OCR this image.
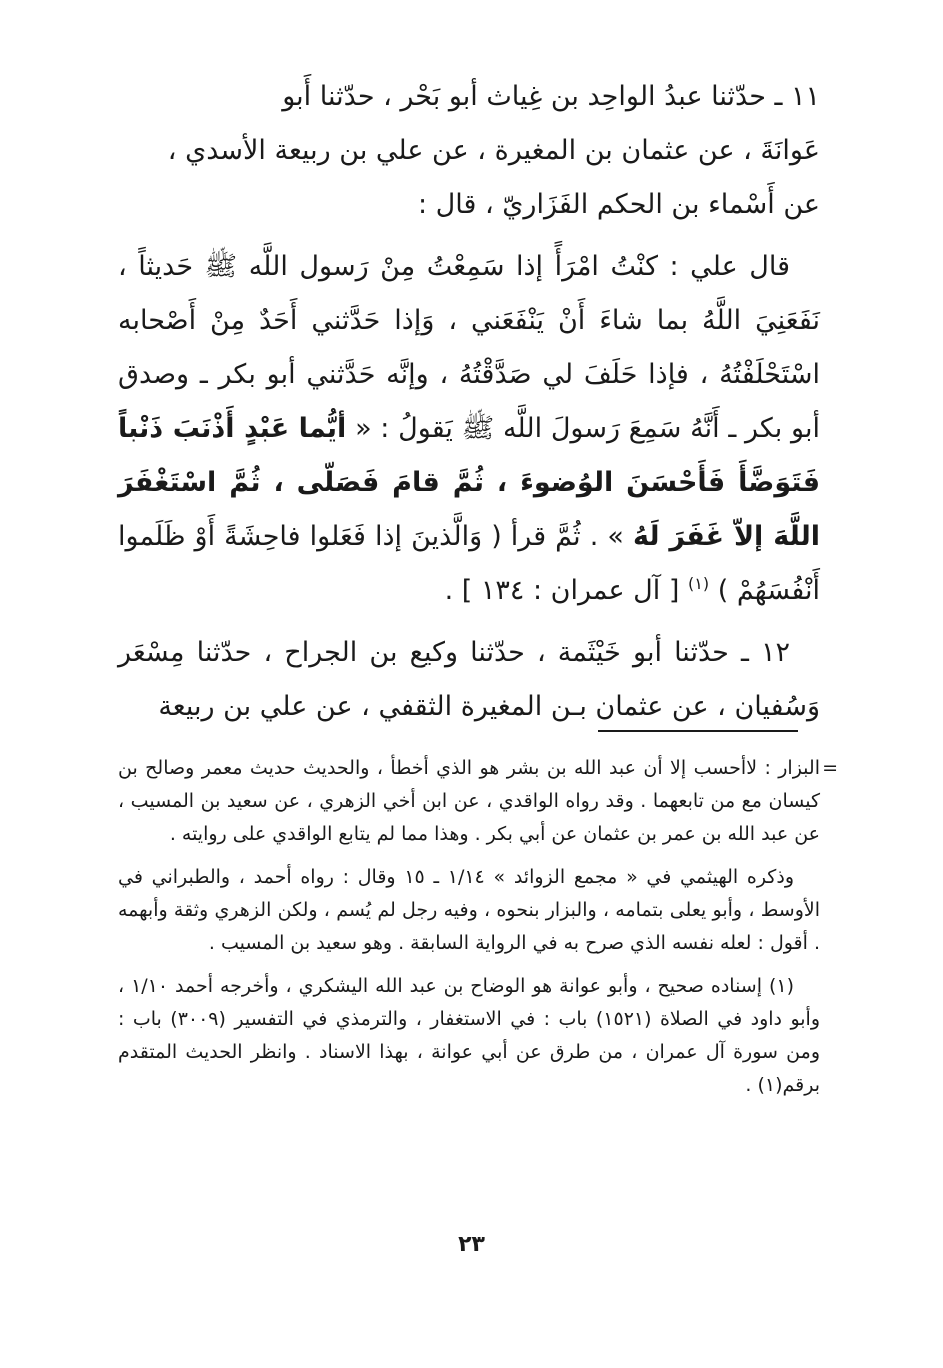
١١ ـ حدّثنا عبدُ الواحِد بن غِياث أبو بَحْر ، حدّثنا أَبو

عَوانَةَ ، عن عثمان بن المغيرة ، عن علي بن ربيعة الأسدي ،

عن أَسْماء بن الحكم الفَزَاريّ ، قال :

قال علي : كنْتُ امْرَأً إذا سَمِعْتُ مِنْ رَسول اللَّه ﷺ حَديثاً ، نَفَعَنِيَ اللَّهُ بما شاءَ أَنْ يَنْفَعَني ، وَإذا حَدَّثني أَحَدٌ مِنْ أَصْحابه اسْتَحْلَفْتُهُ ، فإذا حَلَفَ لي صَدَّقْتُهُ ، وإنَّه حَدَّثني أبو بكر ـ وصدق أبو بكر ـ أَنَّهُ سَمِعَ رَسولَ اللَّه ﷺ يَقولُ : « أيُّما عَبْدٍ أَذْنَبَ ذَنْباً فَتَوَضَّأَ فَأَحْسَنَ الوُضوءَ ، ثُمَّ قامَ فَصَلّى ، ثُمَّ اسْتَغْفَرَ اللَّهَ إلاّ غَفَرَ لَهُ » . ثُمَّ قرأ ( وَالَّذينَ إذا فَعَلوا فاحِشَةً أَوْ ظَلَموا أَنْفُسَهُمْ ) $^{(١)}$ [ آل عمران : ١٣٤ ] .

١٢ ـ حدّثنا أبو خَيْثَمة ، حدّثنا وكيع بن الجراح ، حدّثنا مِسْعَر وَسُفيان ، عن عثمان بـن المغيرة الثقفي ، عن علي بن ربيعة

=

البزار : لاأحسب إلا أن عبد الله بن بشر هو الذي أخطأ ، والحديث حديث معمر وصالح بن كيسان مع من تابعهما . وقد رواه الواقدي ، عن ابن أخي الزهري ، عن سعيد بن المسيب ، عن عبد الله بن عمر بن عثمان عن أبي بكر . وهذا مما لم يتابع الواقدي على روايته .

وذكره الهيثمي في « مجمع الزوائد » ١/١٤ ـ ١٥ وقال : رواه أحمد ، والطبراني في الأوسط ، وأبو يعلى بتمامه ، والبزار بنحوه ، وفيه رجل لم يُسم ، ولكن الزهري وثقة وأبهمه . أقول : لعله نفسه الذي صرح به في الرواية السابقة . وهو سعيد بن المسيب .

(١) إسناده صحيح ، وأبو عوانة هو الوضاح بن عبد الله اليشكري ، وأخرجه أحمد ١/١٠ ، وأبو داود في الصلاة (١٥٢١) باب : في الاستغفار ، والترمذي في التفسير (٣٠٠٩) باب : ومن سورة آل عمران ، من طرق عن أبي عوانة ، بهذا الاسناد . وانظر الحديث المتقدم برقم(١) .

٢٣
